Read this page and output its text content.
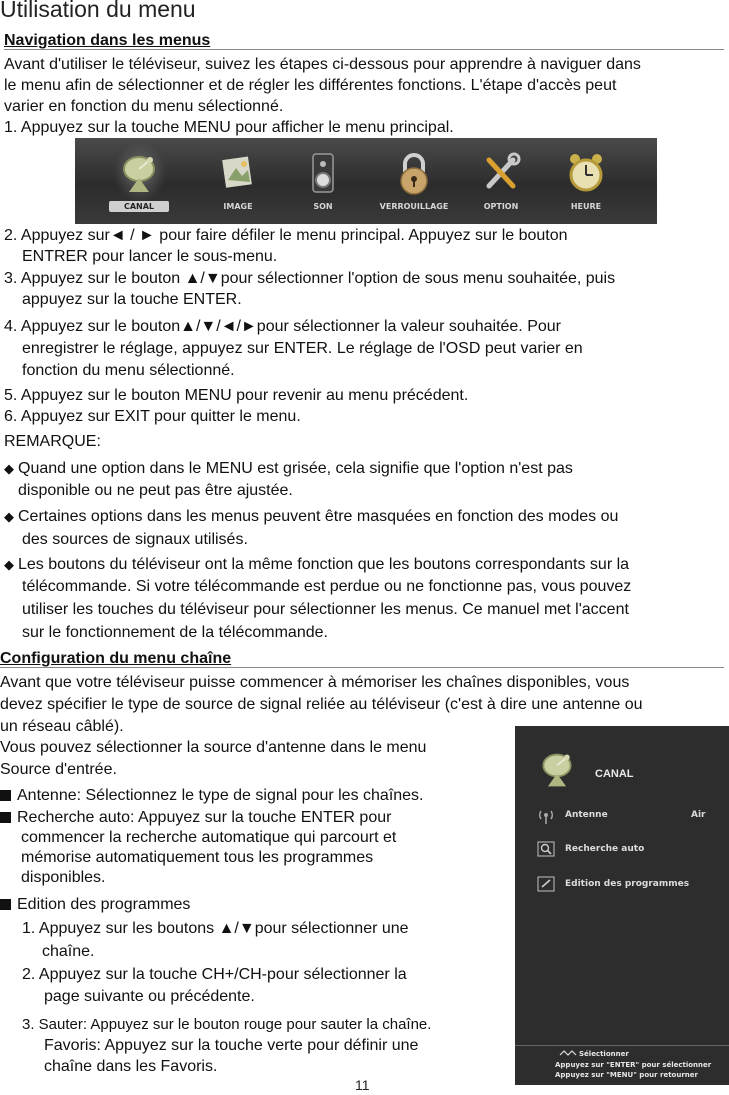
Utilisation du menu
Navigation dans les menus
Avant d'utiliser le téléviseur, suivez les étapes ci-dessous pour apprendre à naviguer dans
le menu afin de sélectionner et de régler les différentes fonctions. L'étape d'accès peut
varier en fonction du menu sélectionné.
1. Appuyez sur la touche MENU pour afficher le menu principal.
CANAL	IMAGE	SON	VERROUILLAGE	OPTION	HEURE
2. Appuyez sur◄ / ► pour faire défiler le menu principal. Appuyez sur le bouton
ENTRER pour lancer le sous-menu.
3. Appuyez sur le bouton ▲/▼pour sélectionner l'option de sous menu souhaitée, puis
appuyez sur la touche ENTER.
4. Appuyez sur le bouton▲/▼/◄/►pour sélectionner la valeur souhaitée. Pour
enregistrer le réglage, appuyez sur ENTER. Le réglage de l'OSD peut varier en
fonction du menu sélectionné.
5. Appuyez sur le bouton MENU pour revenir au menu précédent.
6. Appuyez sur EXIT pour quitter le menu.
REMARQUE:
◆ Quand une option dans le MENU est grisée, cela signifie que l'option n'est pas
disponible ou ne peut pas être ajustée.
◆ Certaines options dans les menus peuvent être masquées en fonction des modes ou
des sources de signaux utilisés.
◆ Les boutons du téléviseur ont la même fonction que les boutons correspondants sur la
télécommande. Si votre télécommande est perdue ou ne fonctionne pas, vous pouvez
utiliser les touches du téléviseur pour sélectionner les menus. Ce manuel met l'accent
sur le fonctionnement de la télécommande.
Configuration du menu chaîne
Avant que votre téléviseur puisse commencer à mémoriser les chaînes disponibles, vous
devez spécifier le type de source de signal reliée au téléviseur (c'est à dire une antenne ou
un réseau câblé).
Vous pouvez sélectionner la source d'antenne dans le menu
Source d'entrée.
Antenne: Sélectionnez le type de signal pour les chaînes.
Recherche auto: Appuyez sur la touche ENTER pour
commencer la recherche automatique qui parcourt et
mémorise automatiquement tous les programmes
disponibles.
Edition des programmes
1. Appuyez sur les boutons ▲/▼pour sélectionner une
chaîne.
2. Appuyez sur la touche CH+/CH-pour sélectionner la
page suivante ou précédente.
3. Sauter: Appuyez sur le bouton rouge pour sauter la chaîne.
Favoris: Appuyez sur la touche verte pour définir une
chaîne dans les Favoris.
CANAL
Antenne	Air
Recherche auto
Edition des programmes
Sélectionner
Appuyez sur "ENTER" pour sélectionner
Appuyez sur "MENU" pour retourner
11
